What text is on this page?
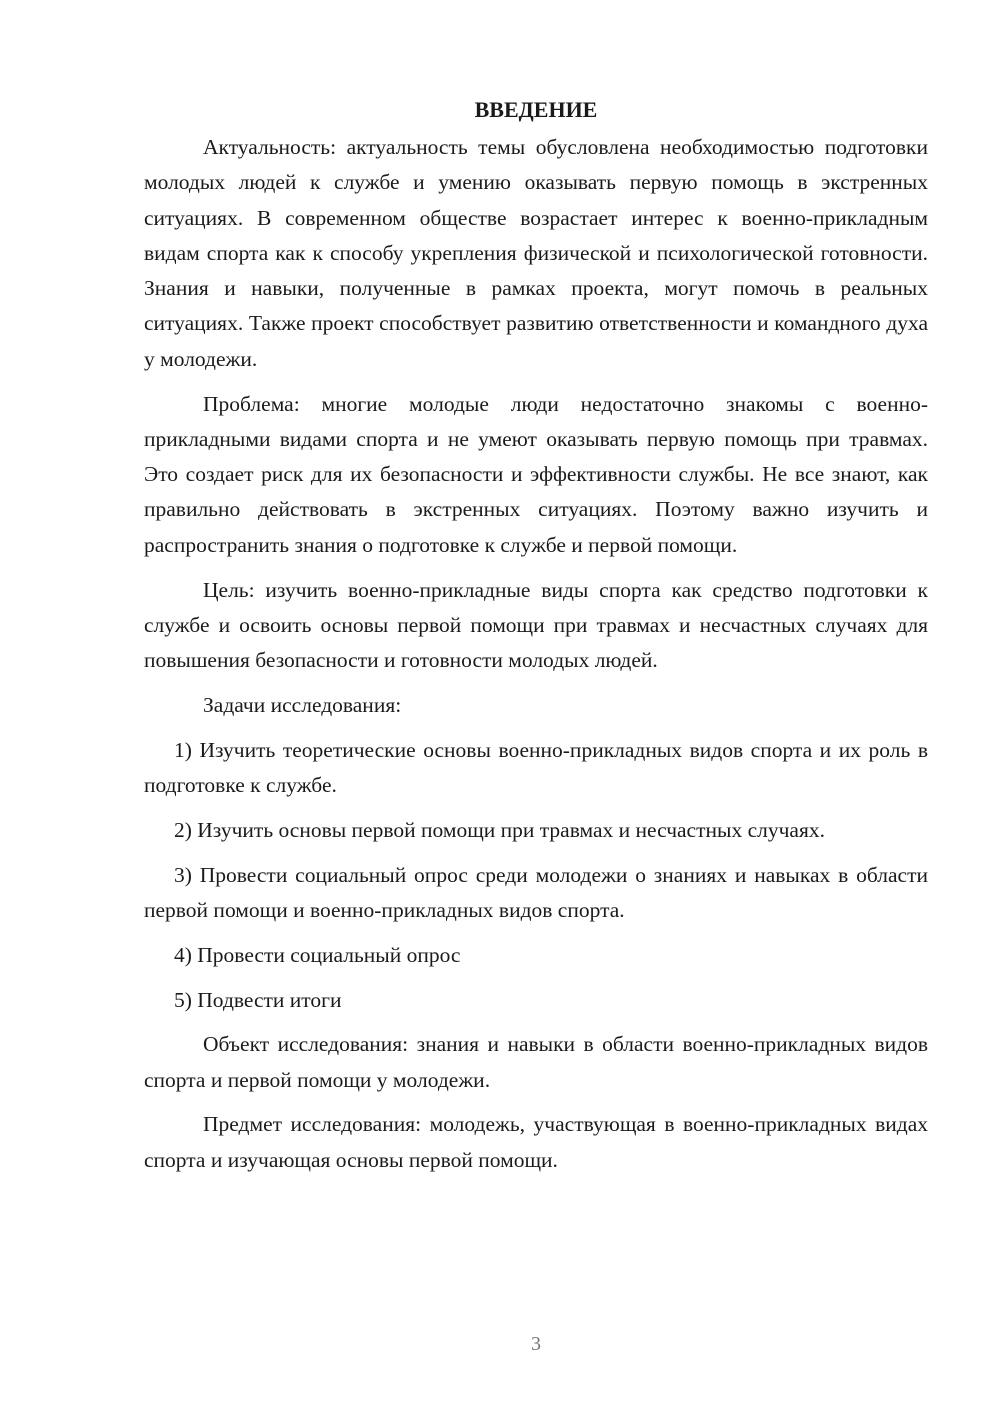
ВВЕДЕНИЕ

Актуальность: актуальность темы обусловлена необходимостью подготовки молодых людей к службе и умению оказывать первую помощь в экстренных ситуациях. В современном обществе возрастает интерес к военно-прикладным видам спорта как к способу укрепления физической и психологической готовности. Знания и навыки, полученные в рамках проекта, могут помочь в реальных ситуациях. Также проект способствует развитию ответственности и командного духа у молодежи.

Проблема: многие молодые люди недостаточно знакомы с военно-прикладными видами спорта и не умеют оказывать первую помощь при травмах. Это создает риск для их безопасности и эффективности службы. Не все знают, как правильно действовать в экстренных ситуациях. Поэтому важно изучить и распространить знания о подготовке к службе и первой помощи.

Цель: изучить военно-прикладные виды спорта как средство подготовки к службе и освоить основы первой помощи при травмах и несчастных случаях для повышения безопасности и готовности молодых людей.

Задачи исследования:

1) Изучить теоретические основы военно-прикладных видов спорта и их роль в подготовке к службе.

2) Изучить основы первой помощи при травмах и несчастных случаях.

3) Провести социальный опрос среди молодежи о знаниях и навыках в области первой помощи и военно-прикладных видов спорта.

4) Провести социальный опрос

5) Подвести итоги

Объект исследования: знания и навыки в области военно-прикладных видов спорта и первой помощи у молодежи.

Предмет исследования: молодежь, участвующая в военно-прикладных видах спорта и изучающая основы первой помощи.

3
